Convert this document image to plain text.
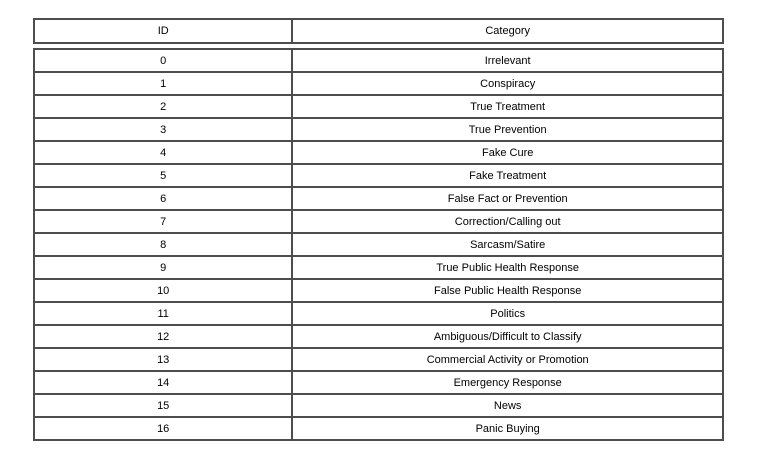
ID	Category
0	Irrelevant
1	Conspiracy
2	True Treatment
3	True Prevention
4	Fake Cure
5	Fake Treatment
6	False Fact or Prevention
7	Correction/Calling out
8	Sarcasm/Satire
9	True Public Health Response
10	False Public Health Response
11	Politics
12	Ambiguous/Difficult to Classify
13	Commercial Activity or Promotion
14	Emergency Response
15	News
16	Panic Buying
